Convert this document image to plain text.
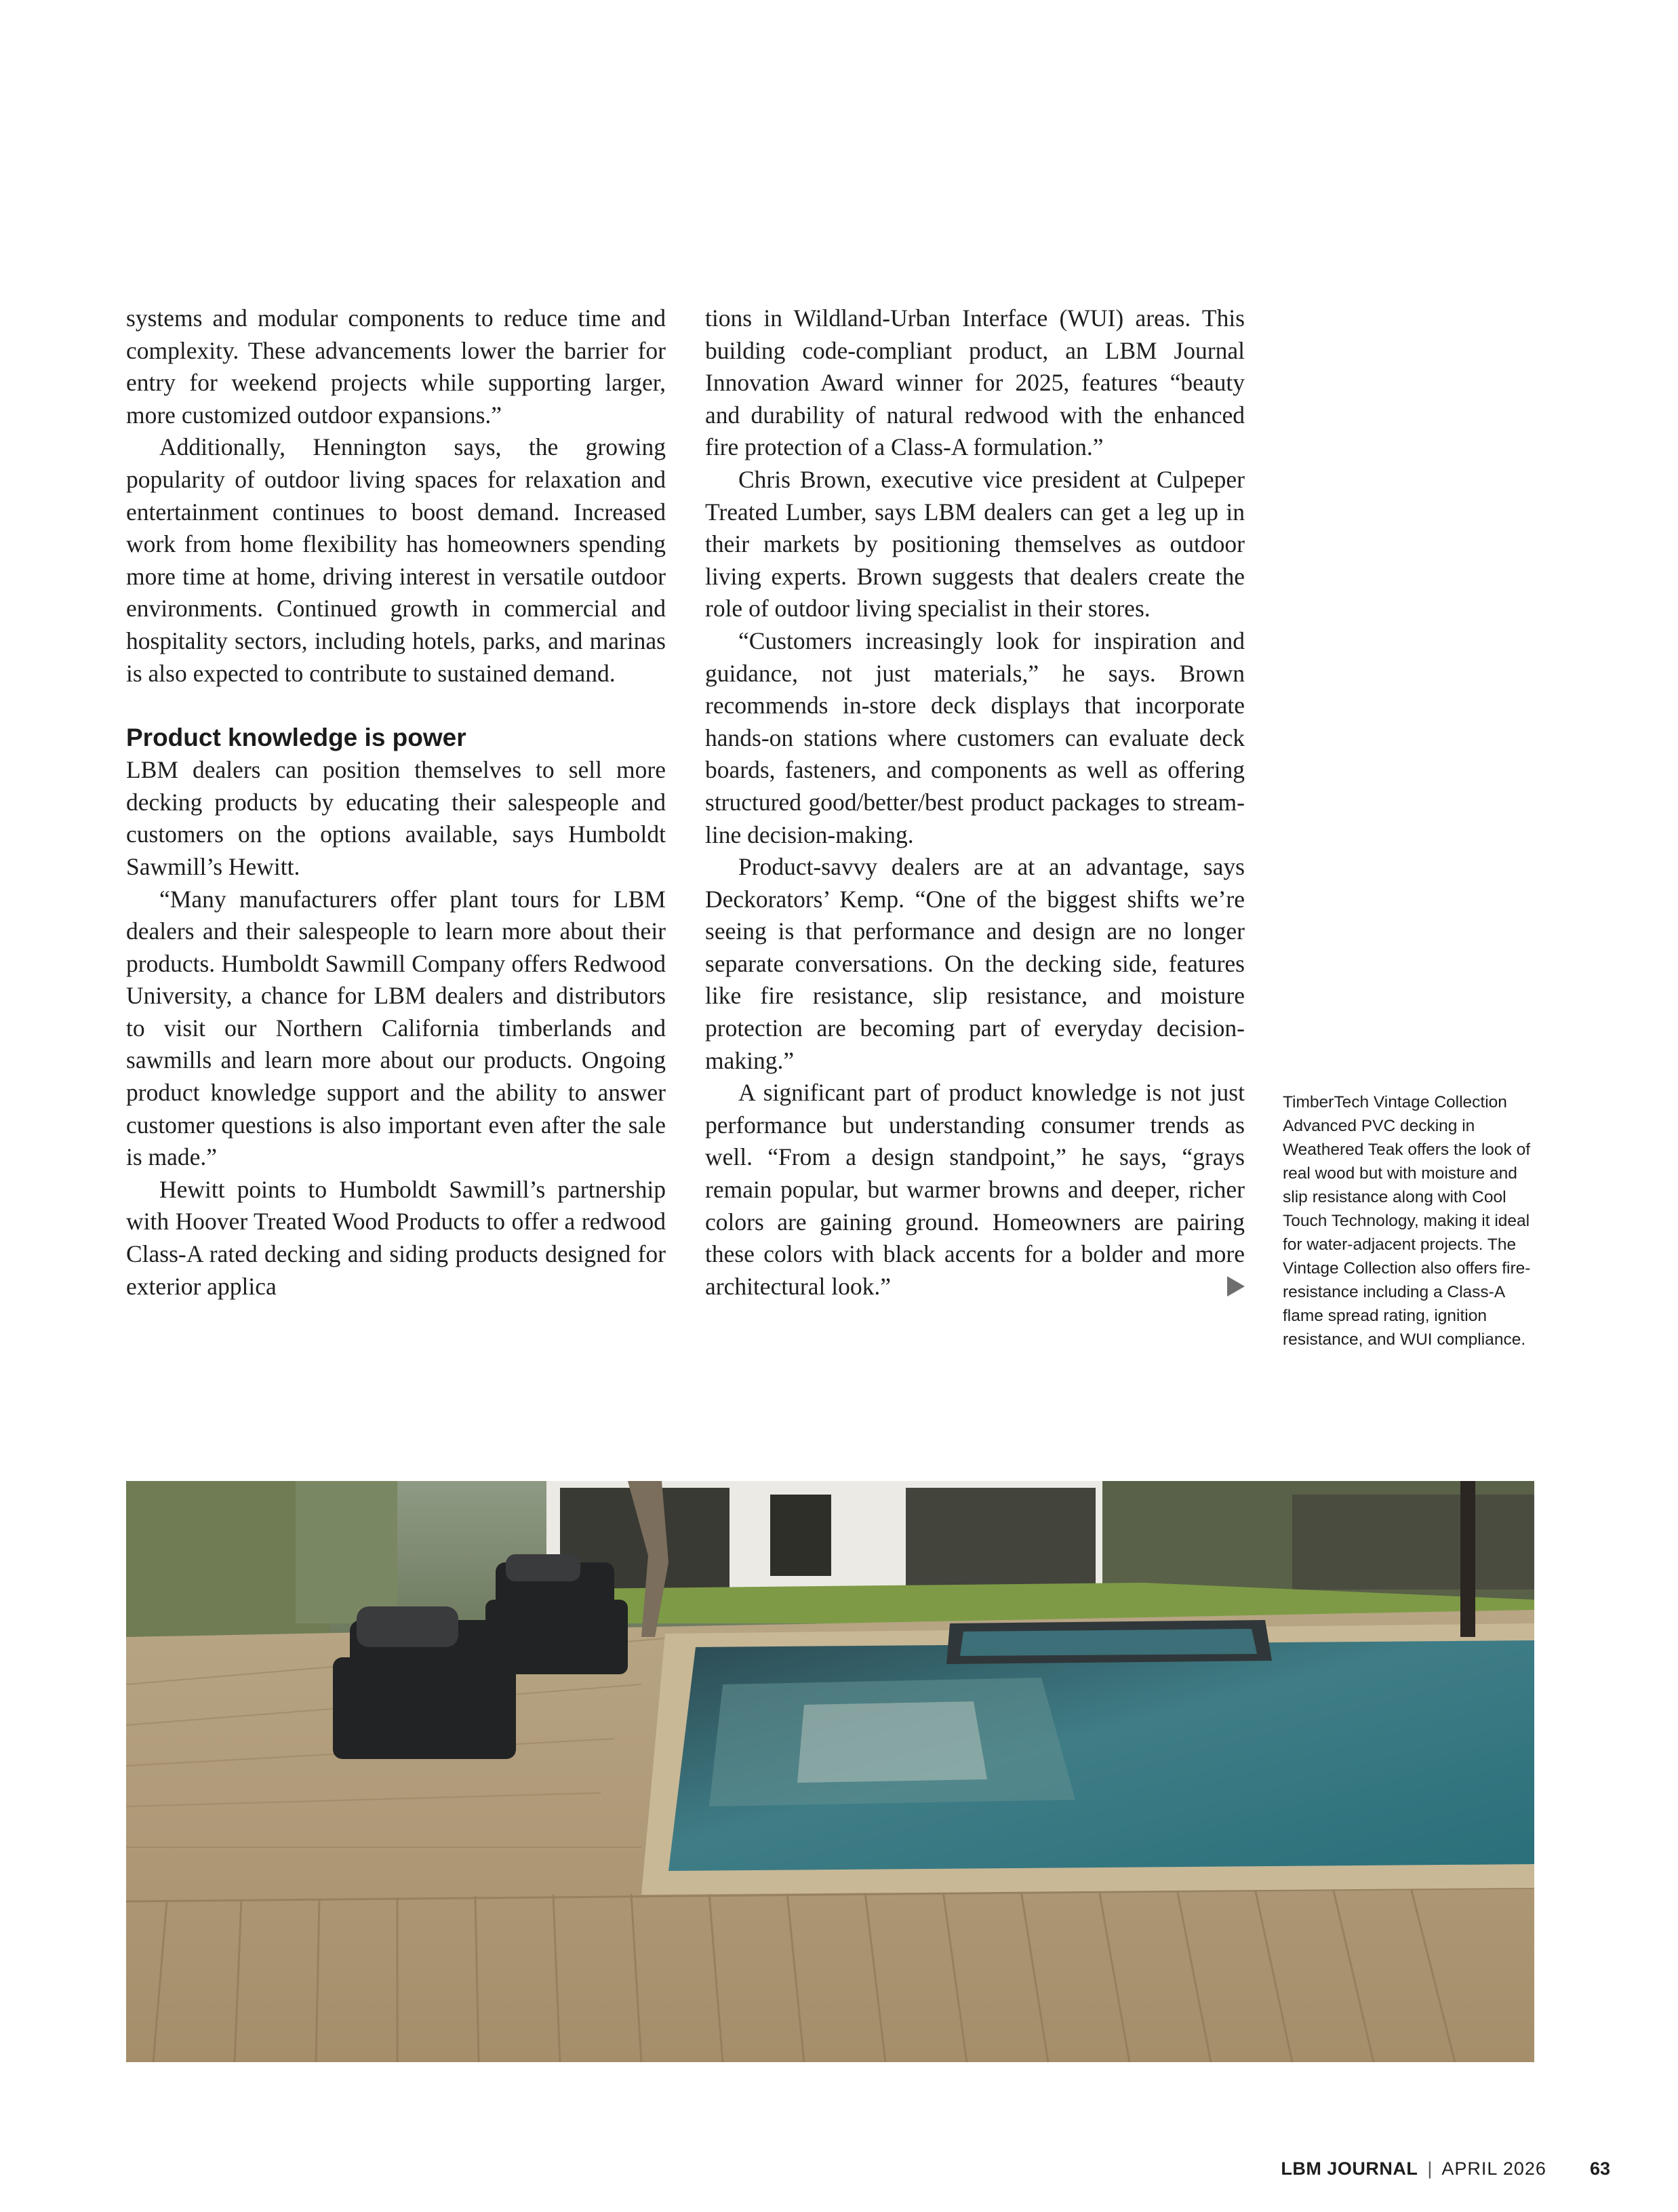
systems and modular components to reduce time and complexity. These advancements lower the barrier for entry for weekend projects while supporting larger, more customized outdoor expansions.”

Additionally, Hennington says, the growing popularity of outdoor living spaces for relaxation and entertainment continues to boost demand. Increased work from home flexibility has homeowners spending more time at home, driving interest in versatile outdoor environments. Continued growth in commercial and hospitality sectors, including hotels, parks, and marinas is also expected to contribute to sustained demand.

Product knowledge is power

LBM dealers can position themselves to sell more decking products by educating their salespeople and customers on the options available, says Humboldt Sawmill’s Hewitt.

“Many manufacturers offer plant tours for LBM dealers and their salespeople to learn more about their products. Humboldt Sawmill Company offers Redwood University, a chance for LBM dealers and distributors to visit our Northern California timberlands and sawmills and learn more about our products. Ongoing product knowledge support and the ability to answer customer questions is also important even after the sale is made.”

Hewitt points to Humboldt Sawmill’s partnership with Hoover Treated Wood Products to offer a redwood Class-A rated decking and siding products designed for exterior applica

tions in Wildland-Urban Interface (WUI) areas. This building code-compliant product, an LBM Journal Innovation Award winner for 2025, features “beauty and durability of natural redwood with the enhanced fire protection of a Class-A formulation.”

Chris Brown, executive vice president at Culpeper Treated Lumber, says LBM dealers can get a leg up in their markets by positioning themselves as outdoor living experts. Brown suggests that dealers create the role of outdoor living specialist in their stores.

“Customers increasingly look for inspiration and guidance, not just materials,” he says. Brown recommends in-store deck displays that incorporate hands-on stations where customers can evaluate deck boards, fasteners, and components as well as offering structured good/better/best product packages to streamline decision-making.

Product-savvy dealers are at an advantage, says Deckorators’ Kemp. “One of the biggest shifts we’re seeing is that performance and design are no longer separate conversations. On the decking side, features like fire resistance, slip resistance, and moisture protection are becoming part of everyday decision-making.”

A significant part of product knowledge is not just performance but understanding consumer trends as well. “From a design standpoint,” he says, “grays remain popular, but warmer browns and deeper, richer colors are gaining ground. Homeowners are pairing these colors with black accents for a bolder and more architectural look.”

TimberTech Vintage Collection Advanced PVC decking in Weathered Teak offers the look of real wood but with moisture and slip resistance along with Cool Touch Technology, making it ideal for water-adjacent projects. The Vintage Collection also offers fire-resistance including a Class-A flame spread rating, ignition resistance, and WUI compliance.

LBM JOURNAL | APRIL 2026 63
